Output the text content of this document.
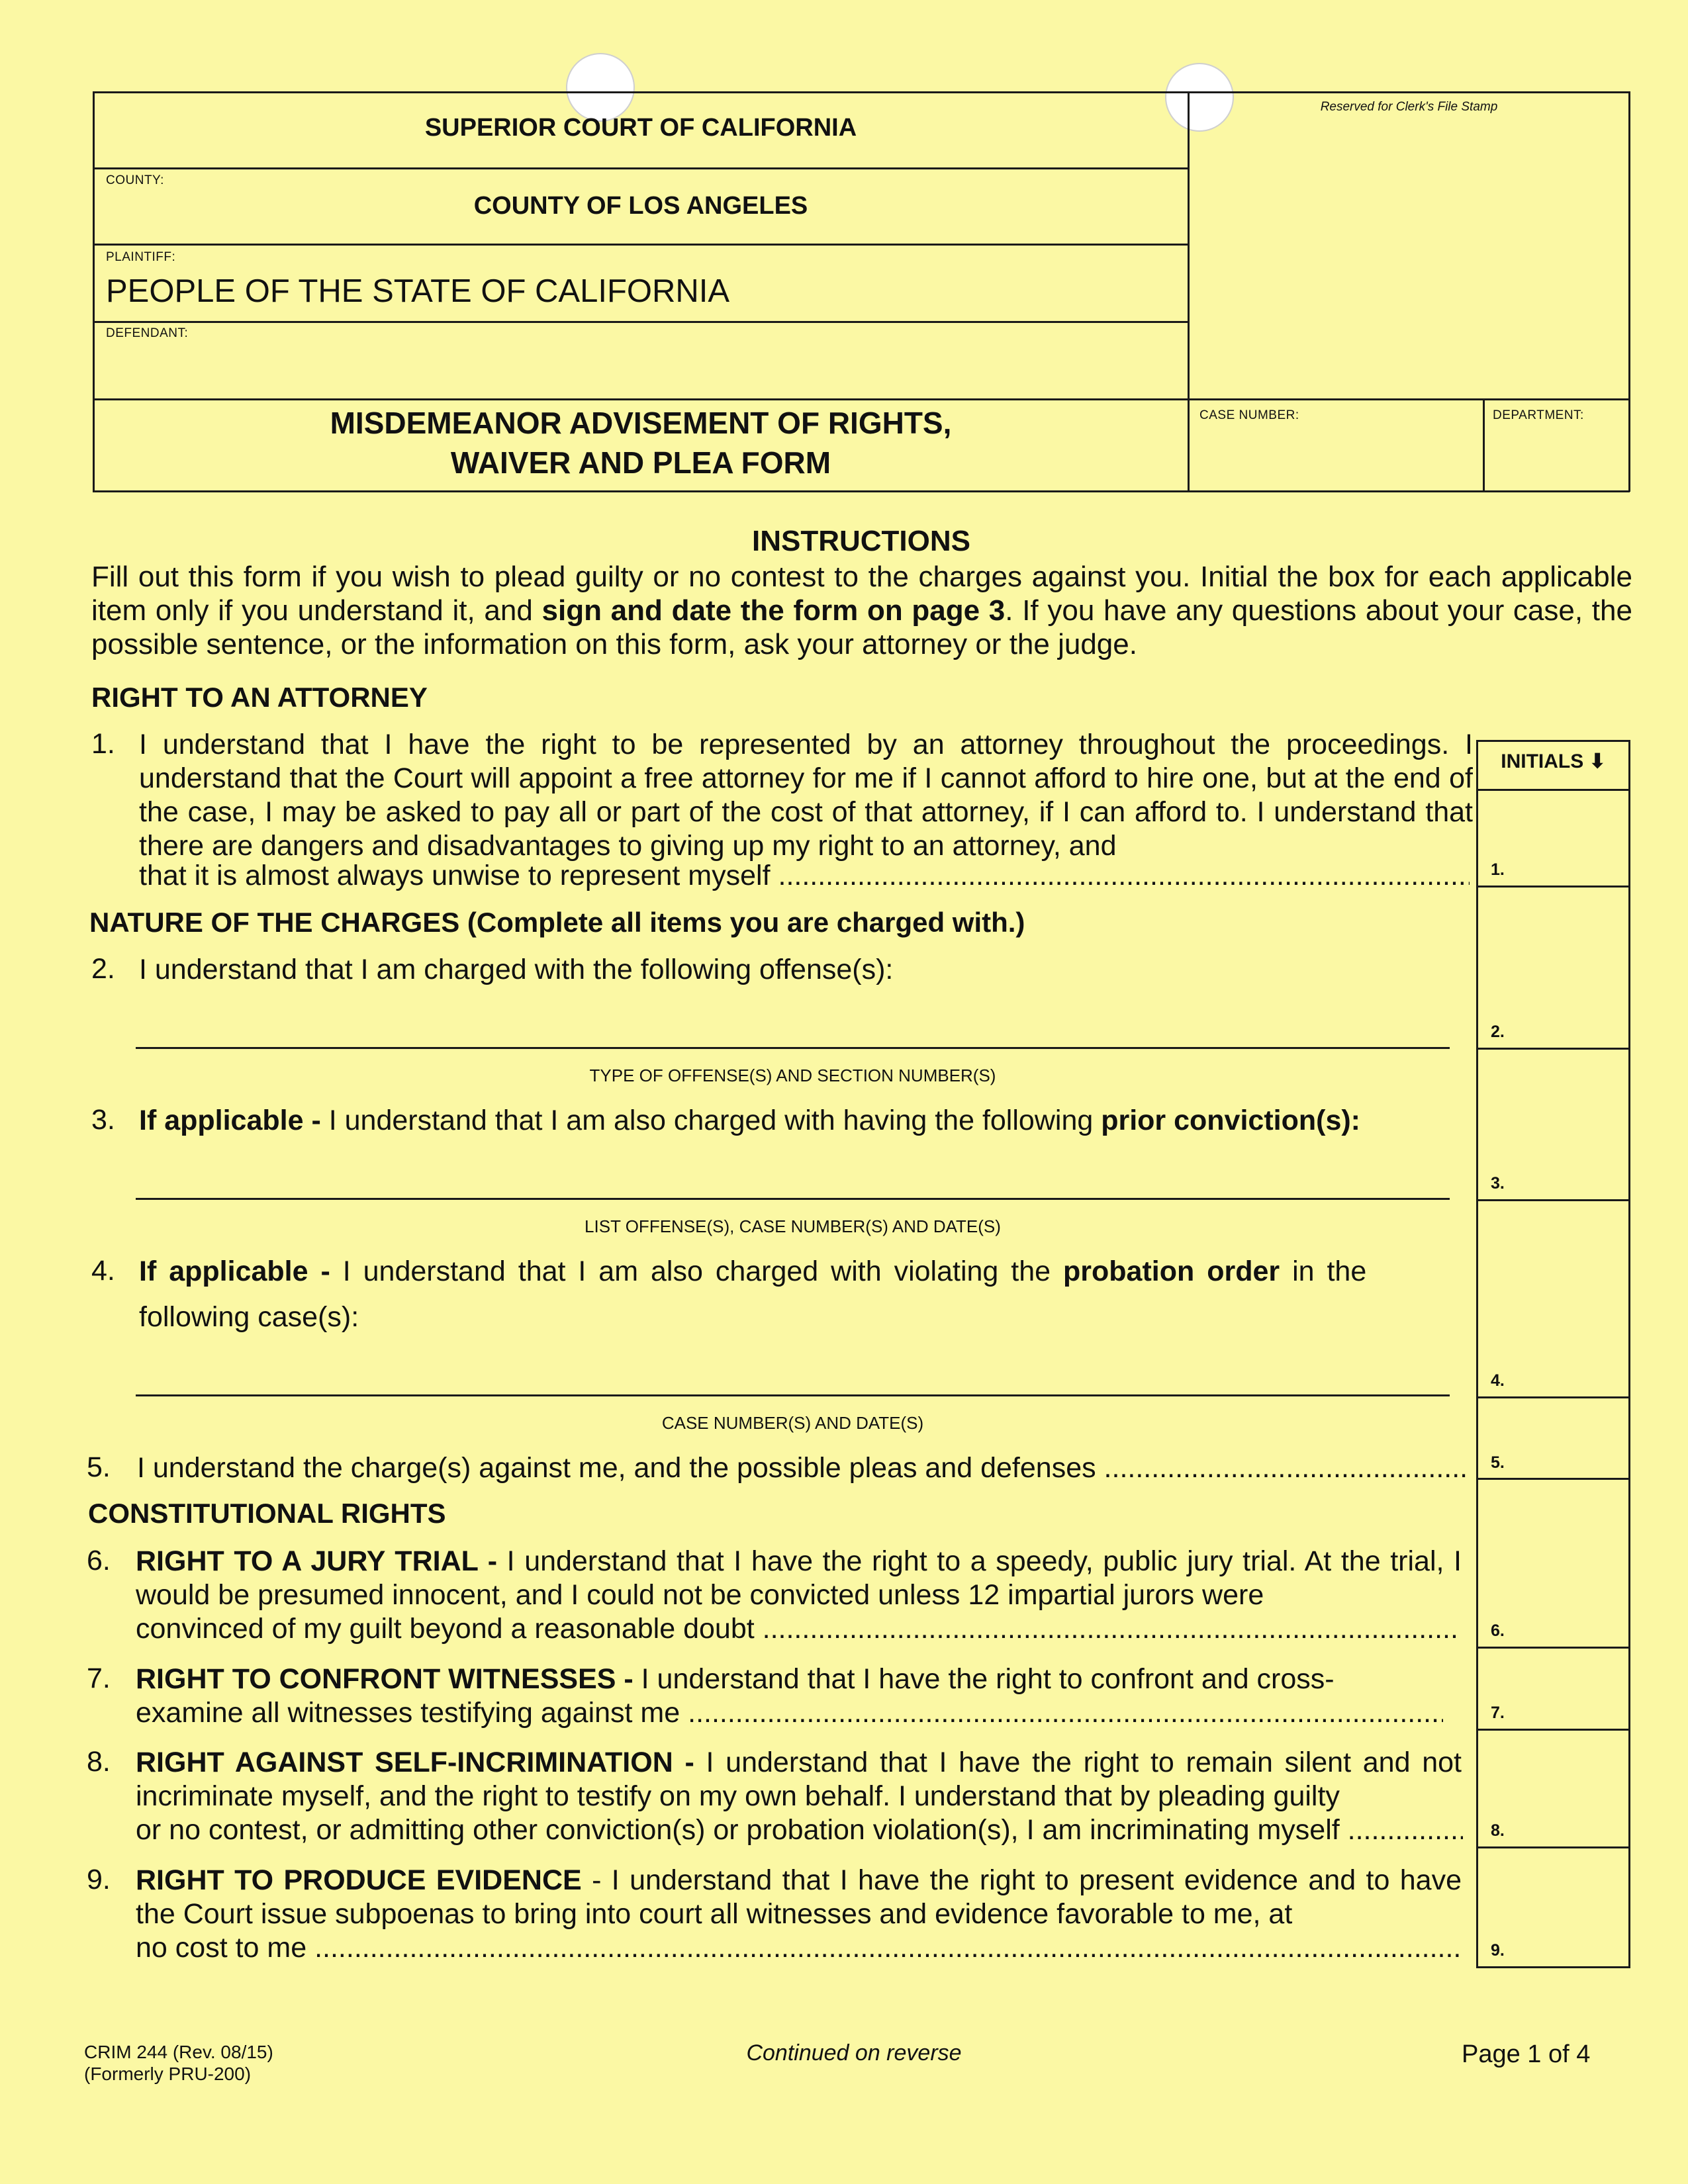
SUPERIOR COURT OF CALIFORNIA
COUNTY:
COUNTY OF LOS ANGELES
PLAINTIFF:
PEOPLE OF THE STATE OF CALIFORNIA
DEFENDANT:
MISDEMEANOR ADVISEMENT OF RIGHTS,
WAIVER AND PLEA FORM
Reserved for Clerk's File Stamp
CASE NUMBER:	DEPARTMENT:
INSTRUCTIONS
Fill out this form if you wish to plead guilty or no contest to the charges against you. Initial the box for each applicable item only if you understand it, and sign and date the form on page 3. If you have any questions about your case, the possible sentence, or the information on this form, ask your attorney or the judge.
RIGHT TO AN ATTORNEY
INITIALS ⬇
1.
2.
3.
4.
5.
6.
7.
8.
9.
1. I understand that I have the right to be represented by an attorney throughout the proceedings. I understand that the Court will appoint a free attorney for me if I cannot afford to hire one, but at the end of the case, I may be asked to pay all or part of the cost of that attorney, if I can afford to. I understand that there are dangers and disadvantages to giving up my right to an attorney, and
that it is almost always unwise to represent myself .....
NATURE OF THE CHARGES (Complete all items you are charged with.)
2. I understand that I am charged with the following offense(s):
TYPE OF OFFENSE(S) AND SECTION NUMBER(S)
3. If applicable - I understand that I am also charged with having the following prior conviction(s):
LIST OFFENSE(S), CASE NUMBER(S) AND DATE(S)
4. If applicable - I understand that I am also charged with violating the probation order in the
following case(s):
CASE NUMBER(S) AND DATE(S)
5. I understand the charge(s) against me, and the possible pleas and defenses .....
CONSTITUTIONAL RIGHTS
6. RIGHT TO A JURY TRIAL - I understand that I have the right to a speedy, public jury trial. At the trial, I would be presumed innocent, and I could not be convicted unless 12 impartial jurors were
convinced of my guilt beyond a reasonable doubt .....
7. RIGHT TO CONFRONT WITNESSES - I understand that I have the right to confront and cross-
examine all witnesses testifying against me .....
8. RIGHT AGAINST SELF-INCRIMINATION - I understand that I have the right to remain silent and not incriminate myself, and the right to testify on my own behalf. I understand that by pleading guilty
or no contest, or admitting other conviction(s) or probation violation(s), I am incriminating myself .....
9. RIGHT TO PRODUCE EVIDENCE - I understand that I have the right to present evidence and to have the Court issue subpoenas to bring into court all witnesses and evidence favorable to me, at
no cost to me .....
CRIM 244 (Rev. 08/15)
(Formerly PRU-200)
Continued on reverse	Page 1 of 4
